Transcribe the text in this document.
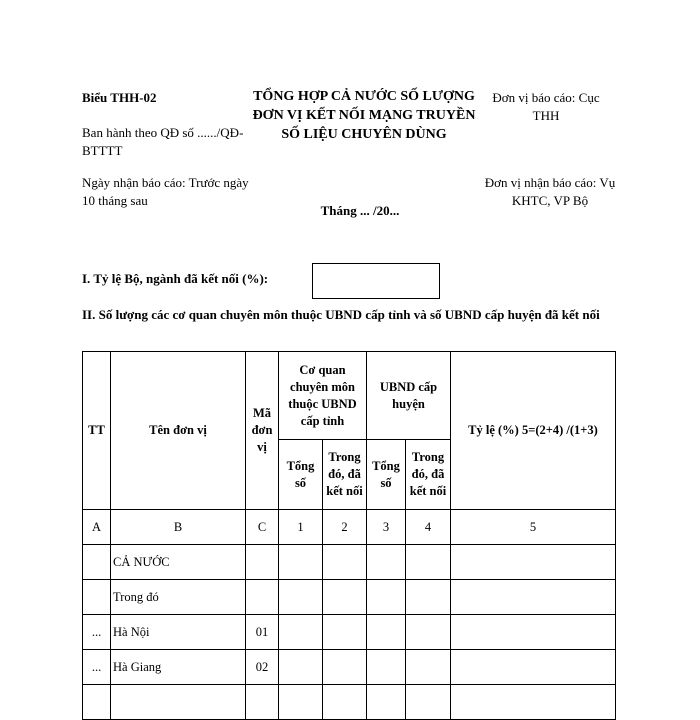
Biểu THH-02
Ban hành theo QĐ số ....../QĐ-BTTTT
TỔNG HỢP CẢ NƯỚC SỐ LƯỢNG ĐƠN VỊ KẾT NỐI MẠNG TRUYỀN SỐ LIỆU CHUYÊN DÙNG
Đơn vị báo cáo: Cục THH
Ngày nhận báo cáo: Trước ngày 10 tháng sau
Tháng ... /20...
Đơn vị nhận báo cáo: Vụ KHTC, VP Bộ
I. Tỷ lệ Bộ, ngành đã kết nối (%):
II. Số lượng các cơ quan chuyên môn thuộc UBND cấp tỉnh và số UBND cấp huyện đã kết nối
TT	Tên đơn vị	Mã đơn vị	Cơ quan chuyên môn thuộc UBND cấp tỉnh		UBND cấp huyện		Tỷ lệ (%) 5=(2+4) /(1+3)
			Tổng số	Trong đó, đã kết nối	Tổng số	Trong đó, đã kết nối	
A	B	C	1	2	3	4	5
	CẢ NƯỚC						
	Trong đó						
...	Hà Nội	01					
...	Hà Giang	02					
